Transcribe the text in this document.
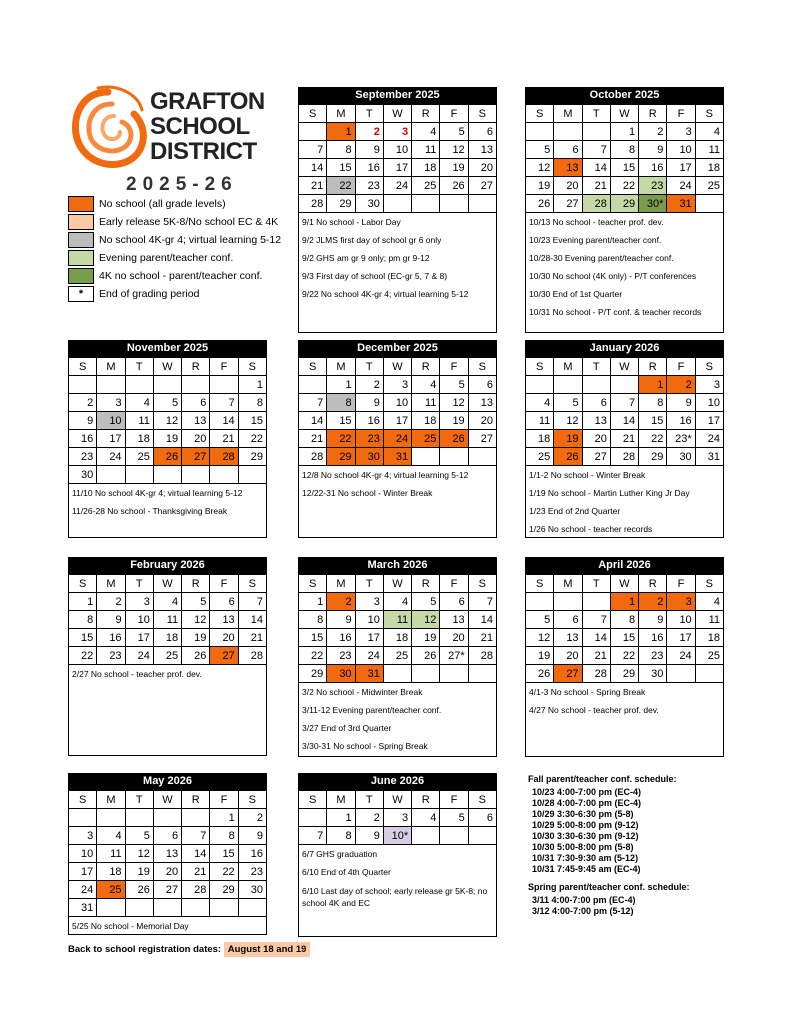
GRAFTON
SCHOOL
DISTRICT
2025-26
No school (all grade levels)
Early release 5K-8/No school EC & 4K
No school 4K-gr 4; virtual learning 5-12
Evening parent/teacher conf.
4K no school - parent/teacher conf.
*	End of grading period
September 2025
S	M	T	W	R	F	S
	1	2	3	4	5	6
7	8	9	10	11	12	13
14	15	16	17	18	19	20
21	22	23	24	25	26	27
28	29	30				
9/1 No school - Labor Day
9/2 JLMS first day of school gr 6 only
9/2 GHS am gr 9 only; pm gr 9-12
9/3 First day of school (EC-gr 5, 7 & 8)
9/22 No school 4K-gr 4; virtual learning 5-12
October 2025
S	M	T	W	R	F	S
			1	2	3	4
5	6	7	8	9	10	11
12	13	14	15	16	17	18
19	20	21	22	23	24	25
26	27	28	29	30*	31	
10/13 No school - teacher prof. dev.
10/23 Evening parent/teacher conf.
10/28-30 Evening parent/teacher conf.
10/30 No school (4K only) - P/T conferences
10/30 End of 1st Quarter
10/31 No school - P/T conf. & teacher records
November 2025
S	M	T	W	R	F	S
						1
2	3	4	5	6	7	8
9	10	11	12	13	14	15
16	17	18	19	20	21	22
23	24	25	26	27	28	29
30						
11/10 No school 4K-gr 4; virtual learning 5-12
11/26-28 No school - Thanksgiving Break
December 2025
S	M	T	W	R	F	S
	1	2	3	4	5	6
7	8	9	10	11	12	13
14	15	16	17	18	19	20
21	22	23	24	25	26	27
28	29	30	31			
12/8 No school 4K-gr 4; virtual learning 5-12
12/22-31 No school - Winter Break
January 2026
S	M	T	W	R	F	S
				1	2	3
4	5	6	7	8	9	10
11	12	13	14	15	16	17
18	19	20	21	22	23*	24
25	26	27	28	29	30	31
1/1-2 No school - Winter Break
1/19 No school - Martin Luther King Jr Day
1/23 End of 2nd Quarter
1/26 No school - teacher records
February 2026
S	M	T	W	R	F	S
1	2	3	4	5	6	7
8	9	10	11	12	13	14
15	16	17	18	19	20	21
22	23	24	25	26	27	28
2/27 No school - teacher prof. dev.
March 2026
S	M	T	W	R	F	S
1	2	3	4	5	6	7
8	9	10	11	12	13	14
15	16	17	18	19	20	21
22	23	24	25	26	27*	28
29	30	31				
3/2 No school - Midwinter Break
3/11-12 Evening parent/teacher conf.
3/27 End of 3rd Quarter
3/30-31 No school - Spring Break
April 2026
S	M	T	W	R	F	S
			1	2	3	4
5	6	7	8	9	10	11
12	13	14	15	16	17	18
19	20	21	22	23	24	25
26	27	28	29	30		
4/1-3 No school - Spring Break
4/27 No school - teacher prof. dev.
May 2026
S	M	T	W	R	F	S
					1	2
3	4	5	6	7	8	9
10	11	12	13	14	15	16
17	18	19	20	21	22	23
24	25	26	27	28	29	30
31						
5/25 No school - Memorial Day
June 2026
S	M	T	W	R	F	S
	1	2	3	4	5	6
7	8	9	10*			
6/7 GHS graduation
6/10 End of 4th Quarter
6/10 Last day of school; early release gr 5K-8; no school 4K and EC
Fall parent/teacher conf. schedule:
10/23 4:00-7:00 pm (EC-4)
10/28 4:00-7:00 pm (EC-4)
10/29 3:30-6:30 pm (5-8)
10/29 5:00-8:00 pm (9-12)
10/30 3:30-6:30 pm (9-12)
10/30 5:00-8:00 pm (5-8)
10/31 7:30-9:30 am (5-12)
10/31 7:45-9:45 am (EC-4)
Spring parent/teacher conf. schedule:
3/11 4:00-7:00 pm (EC-4)
3/12 4:00-7:00 pm (5-12)
Back to school registration dates: August 18 and 19
